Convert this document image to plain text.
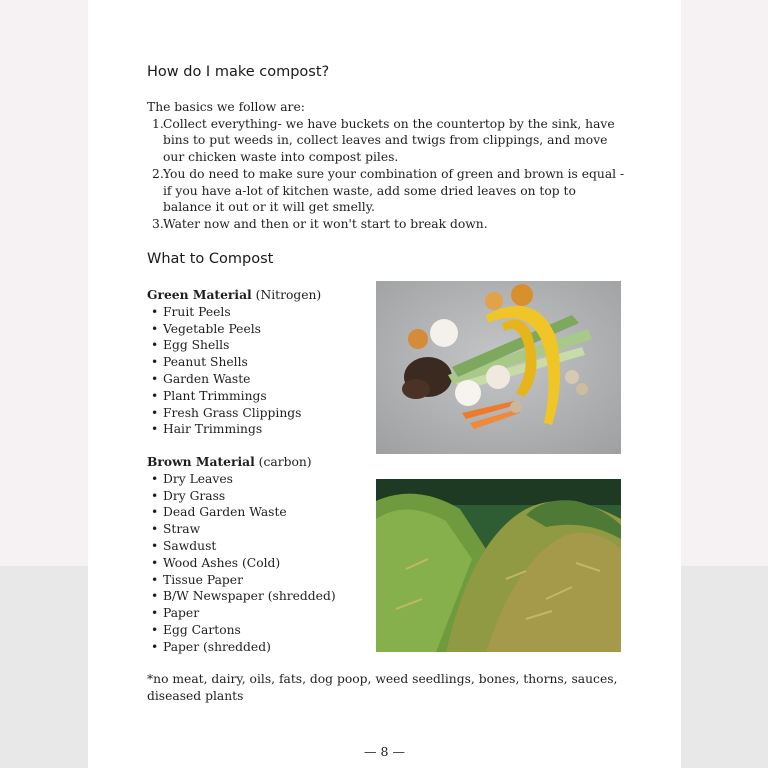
How do I make compost?
The basics we follow are:
1. Collect everything- we have buckets on the countertop by the sink, have bins to put weeds in, collect leaves and twigs from clippings, and move our chicken waste into compost piles.
2. You do need to make sure your combination of green and brown is equal - if you have a-lot of kitchen waste, add some dried leaves on top to balance it out or it will get smelly.
3. Water now and then or it won't start to break down.
What to Compost
Green Material (Nitrogen)
• Fruit Peels
• Vegetable Peels
• Egg Shells
• Peanut Shells
• Garden Waste
• Plant Trimmings
• Fresh Grass Clippings
• Hair Trimmings
Brown Material (carbon)
• Dry Leaves
• Dry Grass
• Dead Garden Waste
• Straw
• Sawdust
• Wood Ashes (Cold)
• Tissue Paper
• B/W Newspaper (shredded)
• Paper
• Egg Cartons
• Paper (shredded)
*no meat, dairy, oils, fats, dog poop, weed seedlings, bones, thorns, sauces, diseased plants
— 8 —
